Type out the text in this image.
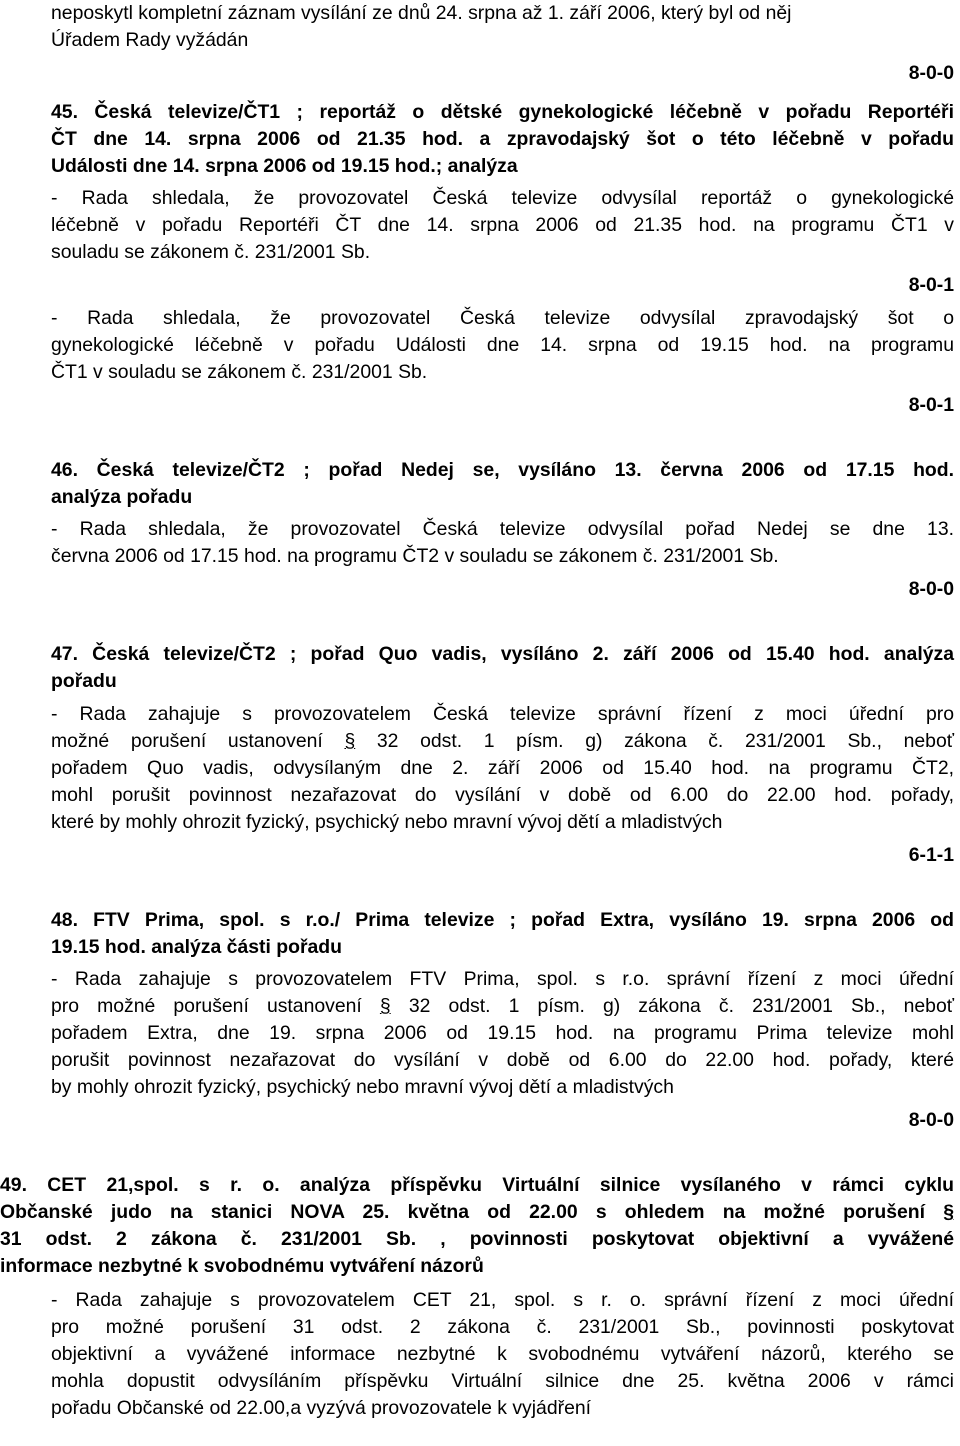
neposkytl kompletní záznam vysílání ze dnů 24. srpna až 1. září 2006, který byl od něj
Úřadem Rady vyžádán
8-0-0
45. Česká televize/ČT1 ; reportáž o dětské gynekologické léčebně v pořadu Reportéři
ČT dne 14. srpna 2006 od 21.35 hod. a zpravodajský šot o této léčebně v pořadu
Události dne 14. srpna 2006 od 19.15 hod.; analýza
- Rada shledala, že provozovatel Česká televize odvysílal reportáž o gynekologické
léčebně v pořadu Reportéři ČT dne 14. srpna 2006 od 21.35 hod. na programu ČT1 v
souladu se zákonem č. 231/2001 Sb.
8-0-1
- Rada shledala, že provozovatel Česká televize odvysílal zpravodajský šot o
gynekologické léčebně v pořadu Události dne 14. srpna od 19.15 hod. na programu
ČT1 v souladu se zákonem č. 231/2001 Sb.
8-0-1
46. Česká televize/ČT2 ; pořad Nedej se, vysíláno 13. června 2006 od 17.15 hod.
analýza pořadu
- Rada shledala, že provozovatel Česká televize odvysílal pořad Nedej se dne 13.
června 2006 od 17.15 hod. na programu ČT2 v souladu se zákonem č. 231/2001 Sb.
8-0-0
47. Česká televize/ČT2 ; pořad Quo vadis, vysíláno 2. září 2006 od 15.40 hod. analýza
pořadu
- Rada zahajuje s provozovatelem Česká televize správní řízení z moci úřední pro
možné porušení ustanovení § 32 odst. 1 písm. g) zákona č. 231/2001 Sb., neboť
pořadem Quo vadis, odvysílaným dne 2. září 2006 od 15.40 hod. na programu ČT2,
mohl porušit povinnost nezařazovat do vysílání v době od 6.00 do 22.00 hod. pořady,
které by mohly ohrozit fyzický, psychický nebo mravní vývoj dětí a mladistvých
6-1-1
48. FTV Prima, spol. s r.o./ Prima televize ; pořad Extra, vysíláno 19. srpna 2006 od
19.15 hod. analýza části pořadu
- Rada zahajuje s provozovatelem FTV Prima, spol. s r.o. správní řízení z moci úřední
pro možné porušení ustanovení § 32 odst. 1 písm. g) zákona č. 231/2001 Sb., neboť
pořadem Extra, dne 19. srpna 2006 od 19.15 hod. na programu Prima televize mohl
porušit povinnost nezařazovat do vysílání v době od 6.00 do 22.00 hod. pořady, které
by mohly ohrozit fyzický, psychický nebo mravní vývoj dětí a mladistvých
8-0-0
49. CET 21,spol. s r. o. analýza příspěvku Virtuální silnice vysílaného v rámci cyklu
Občanské judo na stanici NOVA 25. května od 22.00 s ohledem na možné porušení §
31 odst. 2 zákona č. 231/2001 Sb. , povinnosti poskytovat objektivní a vyvážené
informace nezbytné k svobodnému vytváření názorů
- Rada zahajuje s provozovatelem CET 21, spol. s r. o. správní řízení z moci úřední
pro možné porušení 31 odst. 2 zákona č. 231/2001 Sb., povinnosti poskytovat
objektivní a vyvážené informace nezbytné k svobodnému vytváření názorů, kterého se
mohla dopustit odvysíláním příspěvku Virtuální silnice dne 25. května 2006 v rámci
pořadu Občanské od 22.00,a vyzývá provozovatele k vyjádření
